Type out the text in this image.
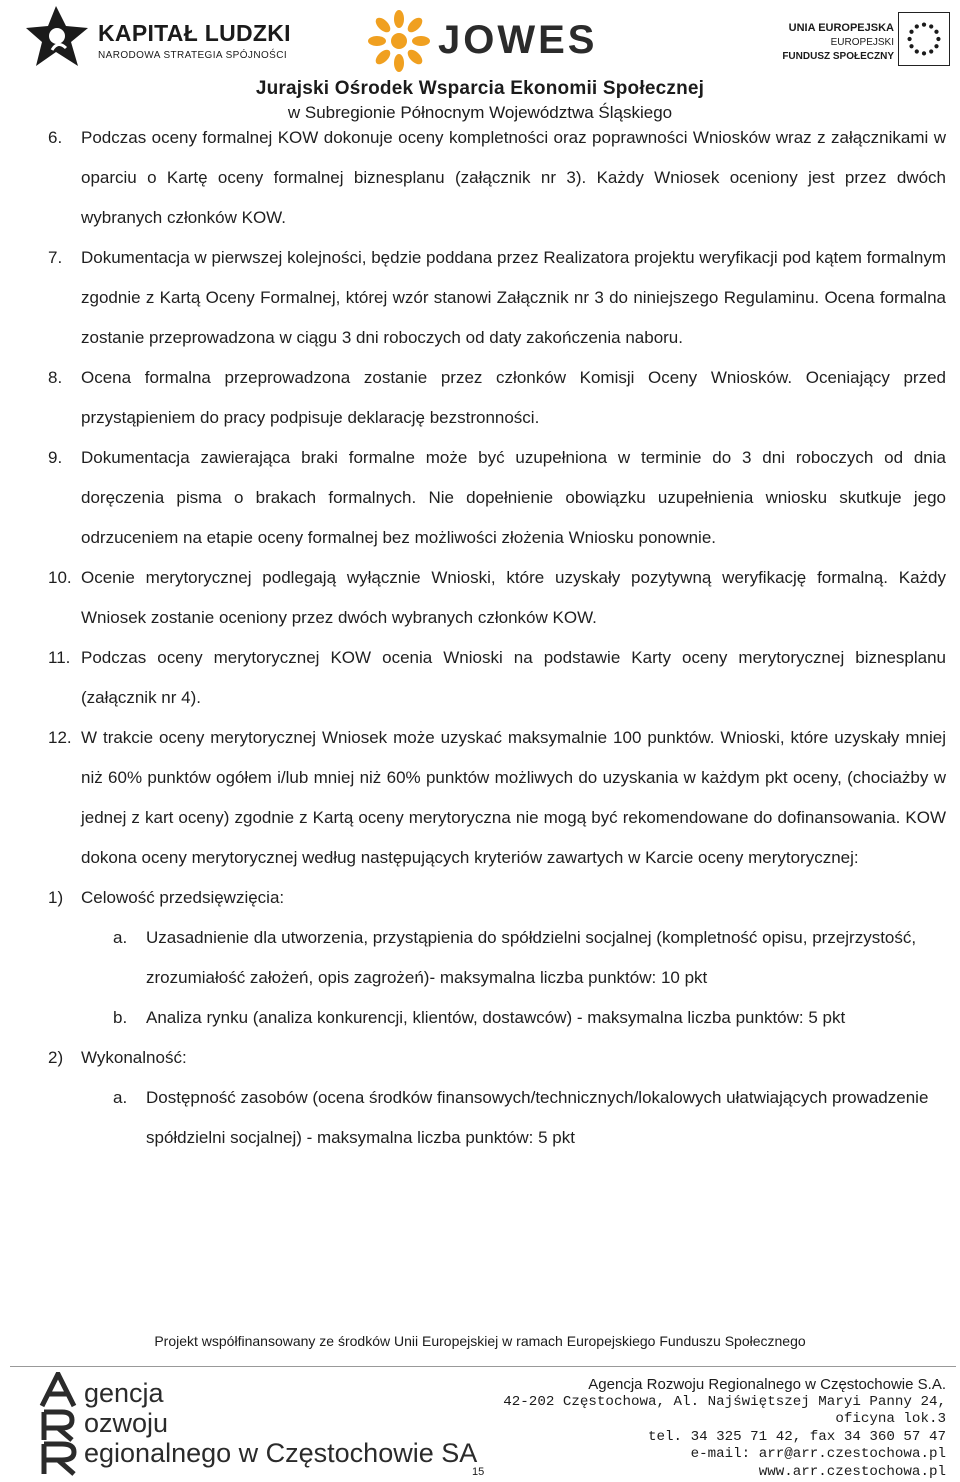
KAPITAŁ LUDZKI
NARODOWA STRATEGIA SPÓJNOŚCI	JOWES	UNIA EUROPEJSKA
EUROPEJSKI
FUNDUSZ SPOŁECZNY
Jurajski Ośrodek Wsparcia Ekonomii Społecznej
w Subregionie Północnym Województwa Śląskiego
6. Podczas oceny formalnej KOW dokonuje oceny kompletności oraz poprawności Wniosków wraz z załącznikami w oparciu o Kartę oceny formalnej biznesplanu (załącznik nr 3). Każdy Wniosek oceniony jest przez dwóch wybranych członków KOW.
7. Dokumentacja w pierwszej kolejności, będzie poddana przez Realizatora projektu weryfikacji pod kątem formalnym zgodnie z Kartą Oceny Formalnej, której wzór stanowi Załącznik nr 3 do niniejszego Regulaminu. Ocena formalna zostanie przeprowadzona w ciągu 3 dni roboczych od daty zakończenia naboru.
8. Ocena formalna przeprowadzona zostanie przez członków Komisji Oceny Wniosków. Oceniający przed przystąpieniem do pracy podpisuje deklarację bezstronności.
9. Dokumentacja zawierająca braki formalne może być uzupełniona w terminie do 3 dni roboczych od dnia doręczenia pisma o brakach formalnych. Nie dopełnienie obowiązku uzupełnienia wniosku skutkuje jego odrzuceniem na etapie oceny formalnej bez możliwości złożenia Wniosku ponownie.
10. Ocenie merytorycznej podlegają wyłącznie Wnioski, które uzyskały pozytywną weryfikację formalną. Każdy Wniosek zostanie oceniony przez dwóch wybranych członków KOW.
11. Podczas oceny merytorycznej KOW ocenia Wnioski na podstawie Karty oceny merytorycznej biznesplanu (załącznik nr 4).
12. W trakcie oceny merytorycznej Wniosek może uzyskać maksymalnie 100 punktów. Wnioski, które uzyskały mniej niż 60% punktów ogółem i/lub mniej niż 60% punktów możliwych do uzyskania w każdym pkt oceny, (chociażby w jednej z kart oceny) zgodnie z Kartą oceny merytoryczna nie mogą być rekomendowane do dofinansowania. KOW dokona oceny merytorycznej według następujących kryteriów zawartych w Karcie oceny merytorycznej:
1) Celowość przedsięwzięcia:
a. Uzasadnienie dla utworzenia, przystąpienia do spółdzielni socjalnej (kompletność opisu, przejrzystość, zrozumiałość założeń, opis zagrożeń)- maksymalna liczba punktów: 10 pkt
b. Analiza rynku (analiza konkurencji, klientów, dostawców) - maksymalna liczba punktów: 5 pkt
2) Wykonalność:
a. Dostępność zasobów (ocena środków finansowych/technicznych/lokalowych ułatwiających prowadzenie spółdzielni socjalnej) - maksymalna liczba punktów: 5 pkt
Projekt współfinansowany ze środków Unii Europejskiej w ramach Europejskiego Funduszu Społecznego
gencja
ozwoju
egionalnego w Częstochowie SA
Agencja Rozwoju Regionalnego w Częstochowie S.A.
42-202 Częstochowa, Al. Najświętszej Maryi Panny 24, oficyna lok.3
tel. 34 325 71 42, fax 34 360 57 47
e-mail: arr@arr.czestochowa.pl
www.arr.czestochowa.pl
15
